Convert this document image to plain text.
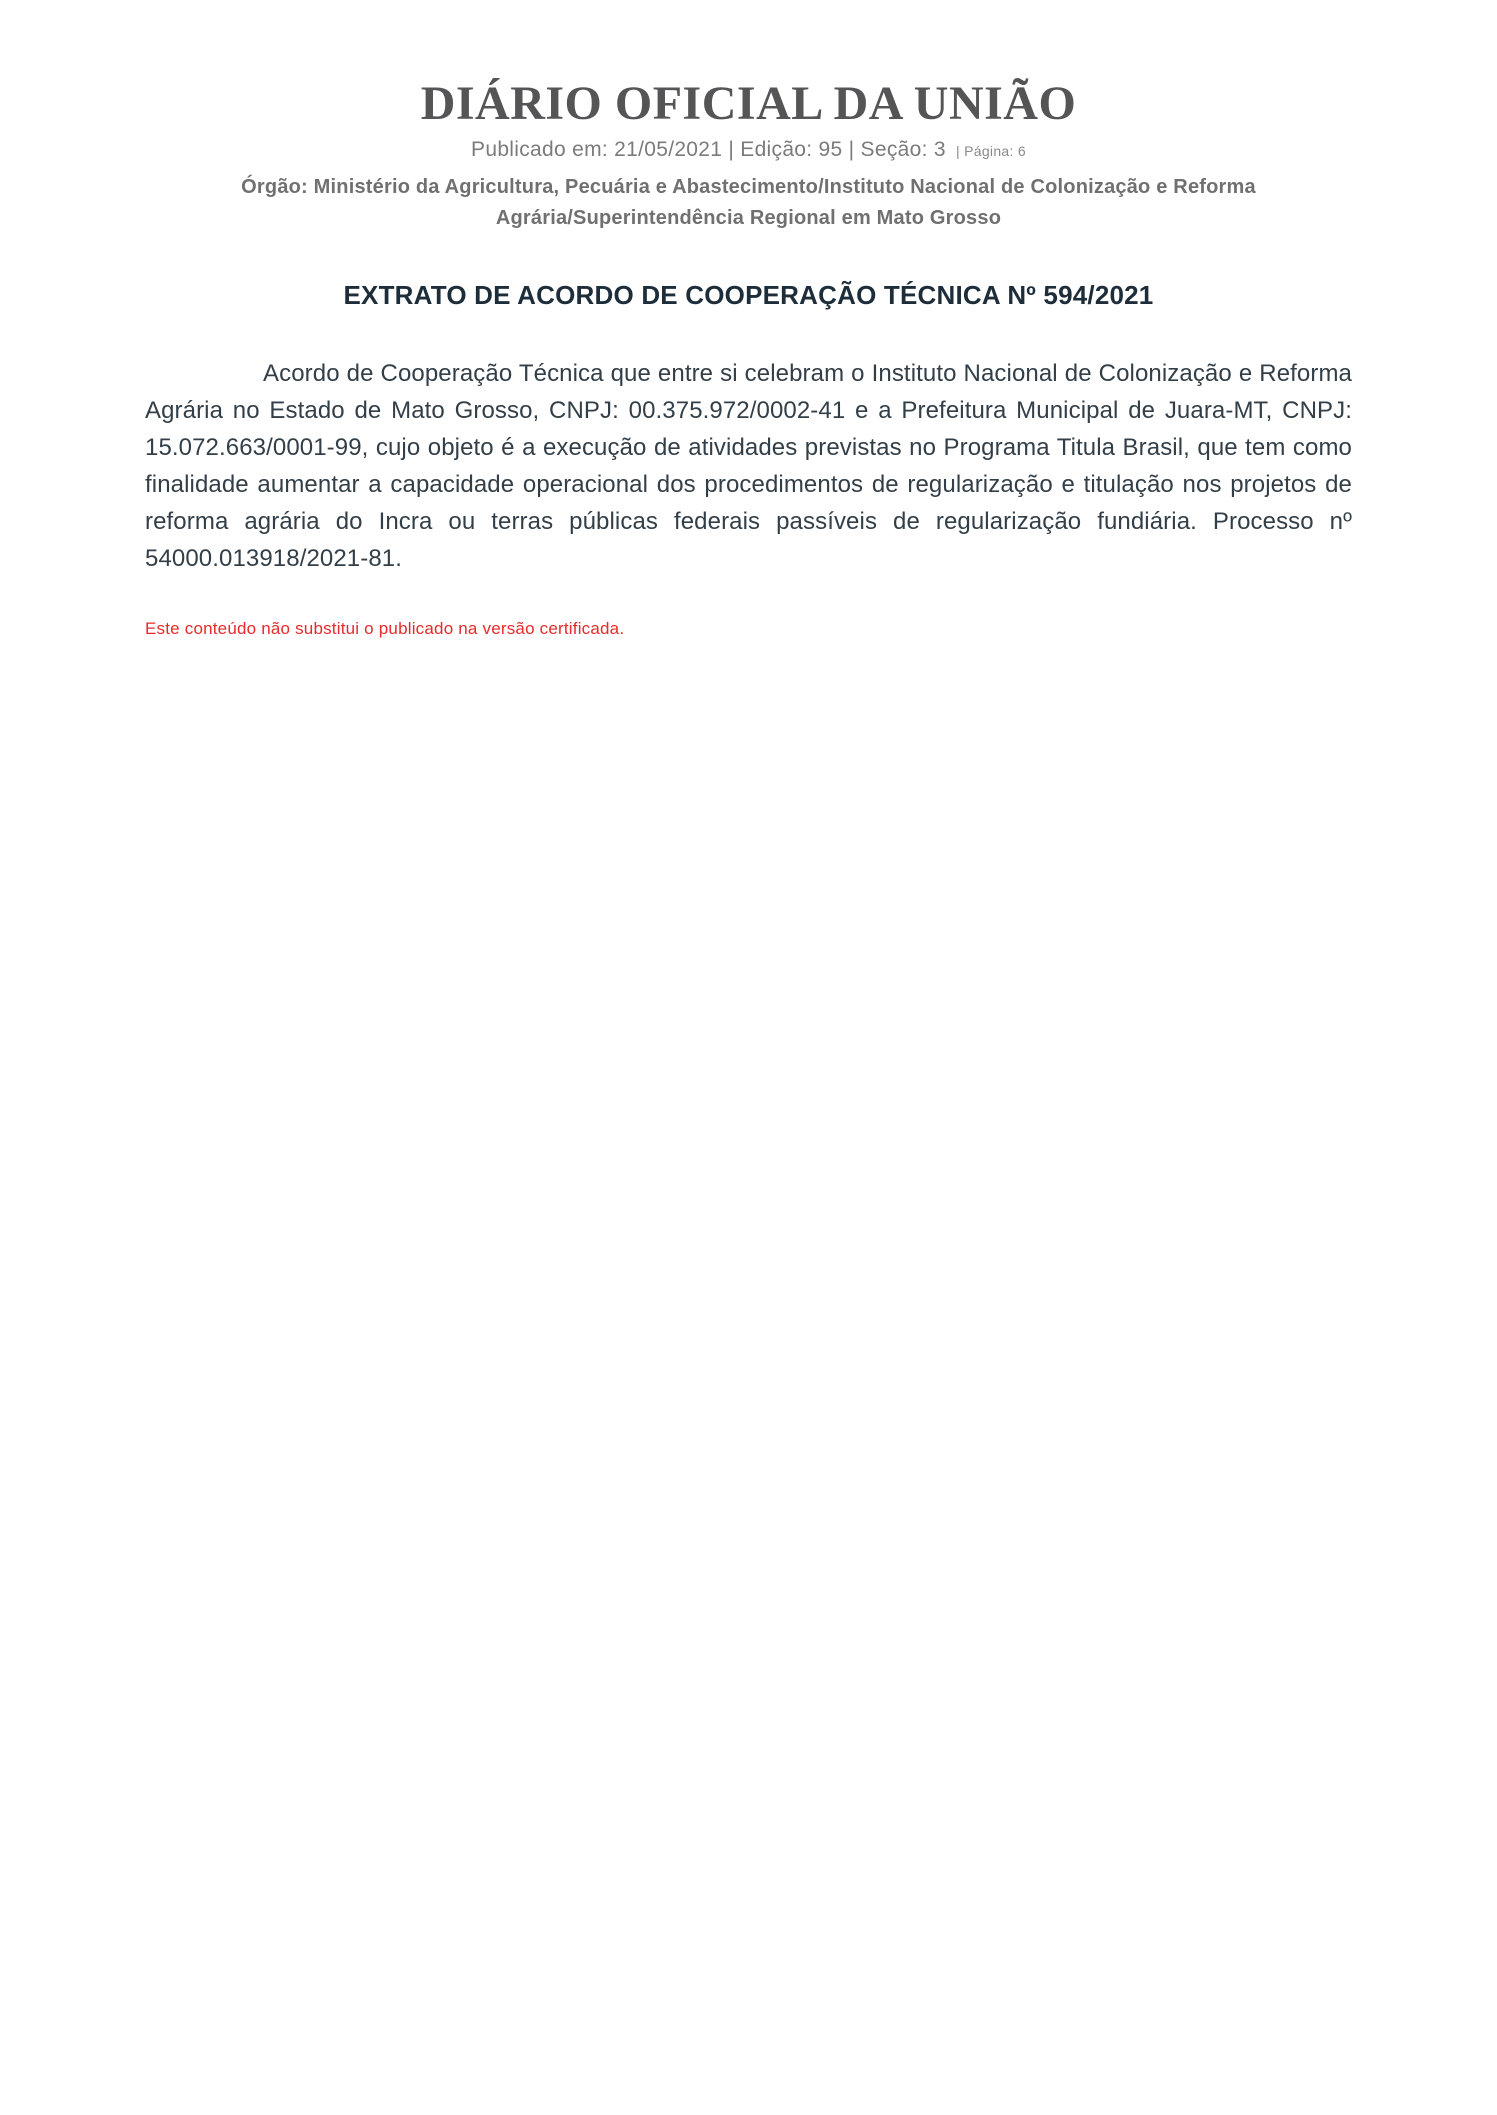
DIÁRIO OFICIAL DA UNIÃO

Publicado em: 21/05/2021 | Edição: 95 | Seção: 3 | Página: 6

Órgão: Ministério da Agricultura, Pecuária e Abastecimento/Instituto Nacional de Colonização e Reforma Agrária/Superintendência Regional em Mato Grosso

EXTRATO DE ACORDO DE COOPERAÇÃO TÉCNICA Nº 594/2021

Acordo de Cooperação Técnica que entre si celebram o Instituto Nacional de Colonização e Reforma Agrária no Estado de Mato Grosso, CNPJ: 00.375.972/0002-41 e a Prefeitura Municipal de Juara-MT, CNPJ: 15.072.663/0001-99, cujo objeto é a execução de atividades previstas no Programa Titula Brasil, que tem como finalidade aumentar a capacidade operacional dos procedimentos de regularização e titulação nos projetos de reforma agrária do Incra ou terras públicas federais passíveis de regularização fundiária. Processo nº 54000.013918/2021-81.

Este conteúdo não substitui o publicado na versão certificada.
